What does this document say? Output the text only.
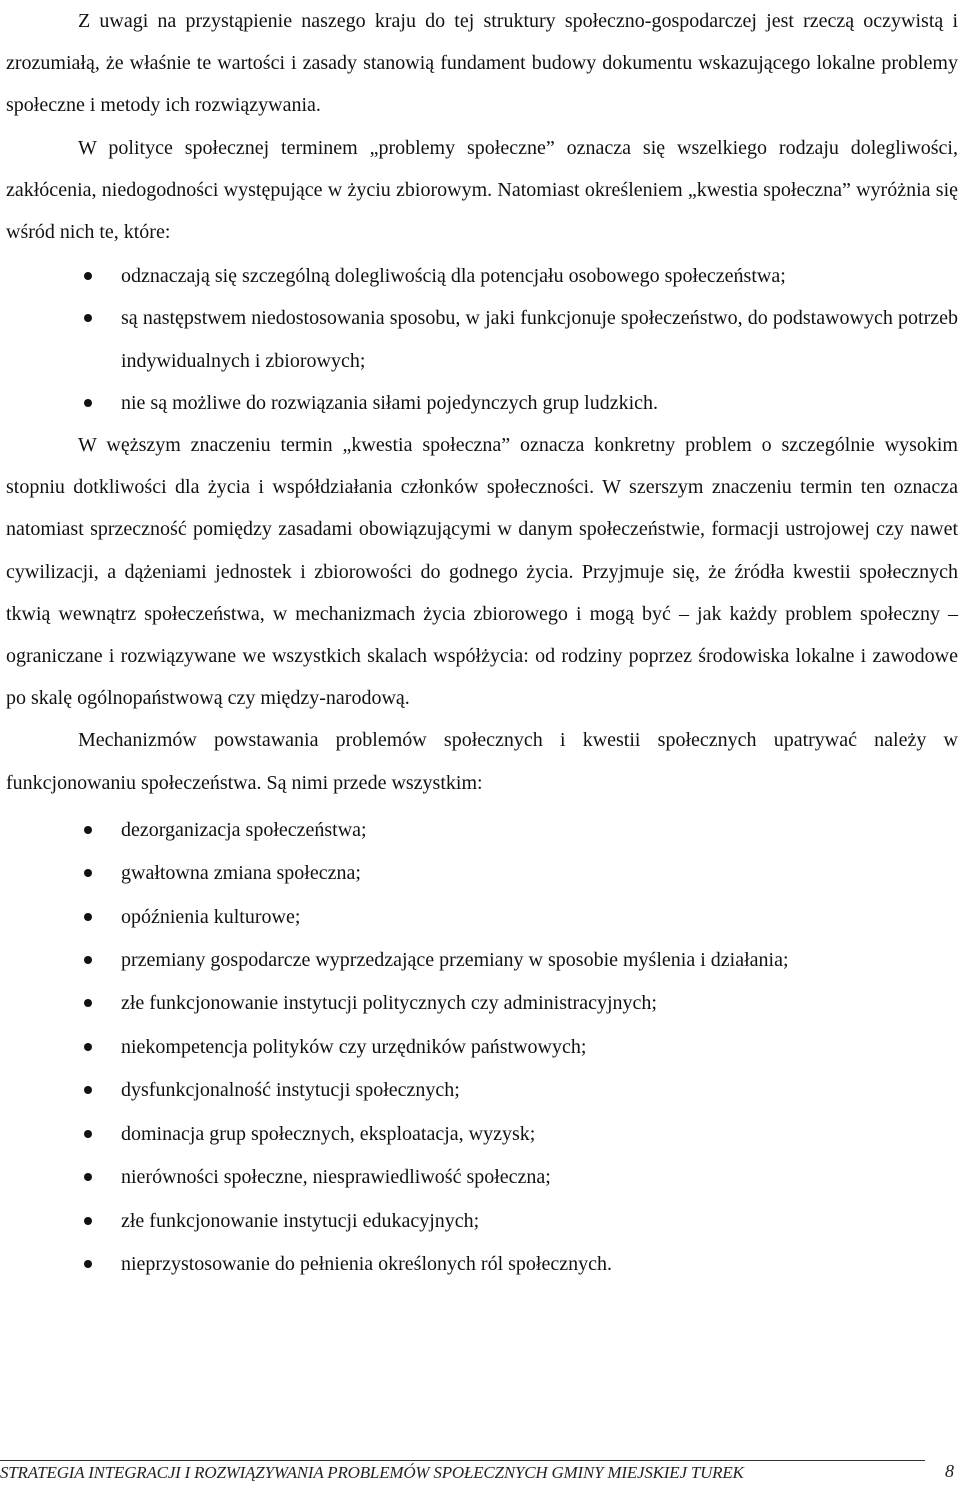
Z uwagi na przystąpienie naszego kraju do tej struktury społeczno-gospodarczej jest rzeczą oczywistą i zrozumiałą, że właśnie te wartości i zasady stanowią fundament budowy dokumentu wskazującego lokalne problemy społeczne i metody ich rozwiązywania.

W polityce społecznej terminem „problemy społeczne” oznacza się wszelkiego rodzaju dolegliwości, zakłócenia, niedogodności występujące w życiu zbiorowym. Natomiast określeniem „kwestia społeczna” wyróżnia się wśród nich te, które:

odznaczają się szczególną dolegliwością dla potencjału osobowego społeczeństwa;
są następstwem niedostosowania sposobu, w jaki funkcjonuje społeczeństwo, do podstawowych potrzeb indywidualnych i zbiorowych;
nie są możliwe do rozwiązania siłami pojedynczych grup ludzkich.

W węższym znaczeniu termin „kwestia społeczna” oznacza konkretny problem o szczególnie wysokim stopniu dotkliwości dla życia i współdziałania członków społeczności. W szerszym znaczeniu termin ten oznacza natomiast sprzeczność pomiędzy zasadami obowiązującymi w danym społeczeństwie, formacji ustrojowej czy nawet cywilizacji, a dążeniami jednostek i zbiorowości do godnego życia. Przyjmuje się, że źródła kwestii społecznych tkwią wewnątrz społeczeństwa, w mechanizmach życia zbiorowego i mogą być – jak każdy problem społeczny – ograniczane i rozwiązywane we wszystkich skalach współżycia: od rodziny poprzez środowiska lokalne i zawodowe po skalę ogólnopaństwową czy między-narodową.

Mechanizmów powstawania problemów społecznych i kwestii społecznych upatrywać należy w funkcjonowaniu społeczeństwa. Są nimi przede wszystkim:

dezorganizacja społeczeństwa;
gwałtowna zmiana społeczna;
opóźnienia kulturowe;
przemiany gospodarcze wyprzedzające przemiany w sposobie myślenia i działania;
złe funkcjonowanie instytucji politycznych czy administracyjnych;
niekompetencja polityków czy urzędników państwowych;
dysfunkcjonalność instytucji społecznych;
dominacja grup społecznych, eksploatacja, wyzysk;
nierówności społeczne, niesprawiedliwość społeczna;
złe funkcjonowanie instytucji edukacyjnych;
nieprzystosowanie do pełnienia określonych ról społecznych.
STRATEGIA INTEGRACJI I ROZWIĄZYWANIA PROBLEMÓW SPOŁECZNYCH GMINY MIEJSKIEJ TUREK	8
